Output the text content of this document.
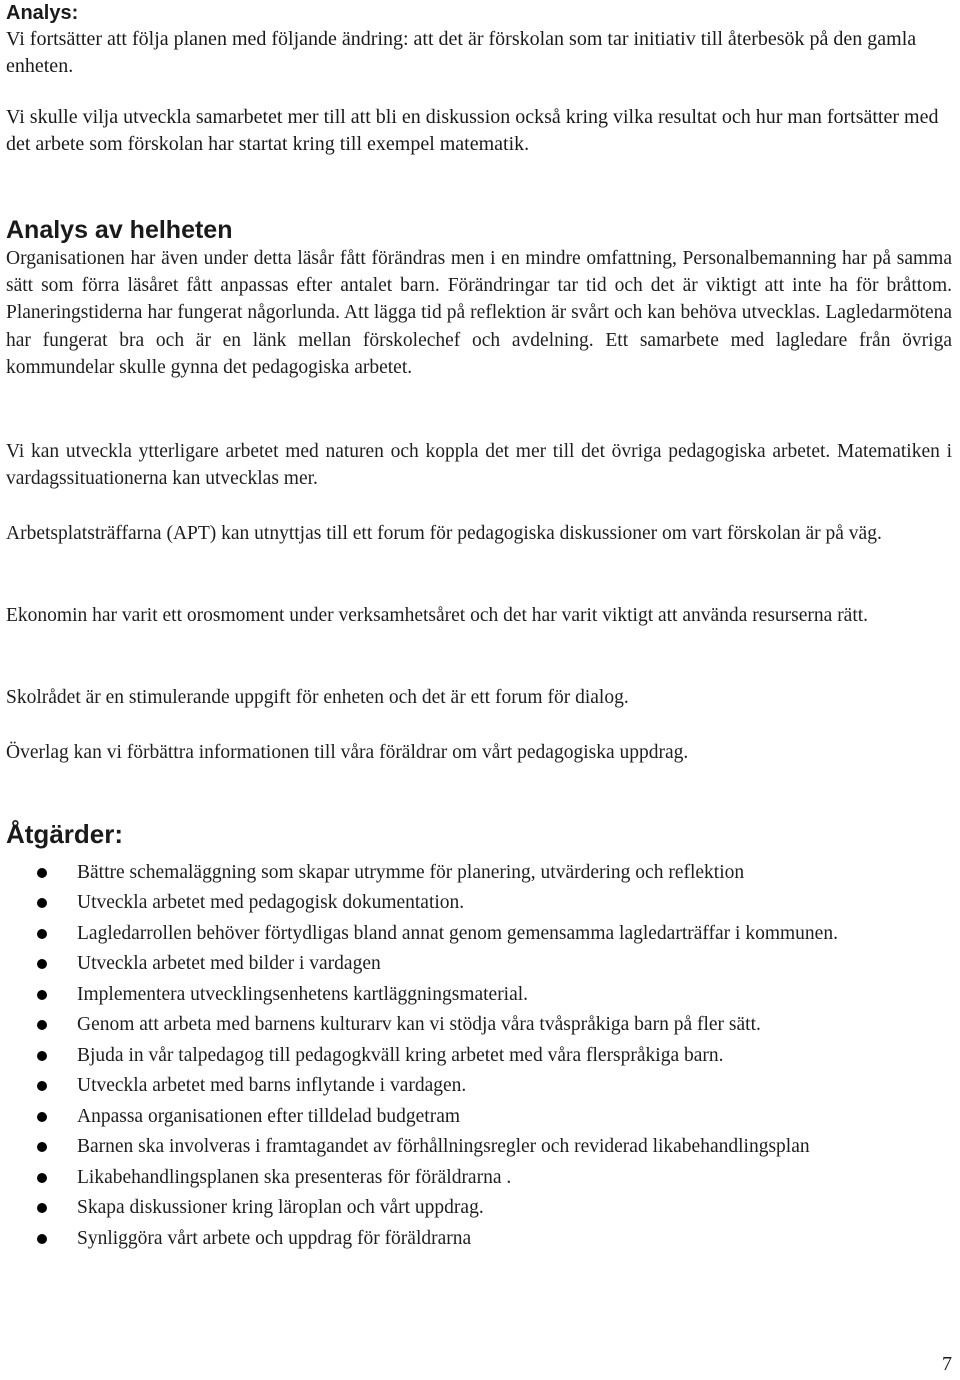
Analys:

Vi fortsätter att följa planen med följande ändring: att det är förskolan som tar initiativ till återbesök på den gamla enheten.

Vi skulle vilja utveckla samarbetet mer till att bli en diskussion också kring vilka resultat och hur man fortsätter med det arbete som förskolan har startat kring till exempel matematik.

Analys av helheten

Organisationen har även under detta läsår fått förändras men i en mindre omfattning, Personalbemanning har på samma sätt som förra läsåret fått anpassas efter antalet barn. Förändringar tar tid och det är viktigt att inte ha för bråttom. Planeringstiderna har fungerat någorlunda. Att lägga tid på reflektion är svårt och kan behöva utvecklas. Lagledarmötena har fungerat bra och är en länk mellan förskolechef och avdelning. Ett samarbete med lagledare från övriga kommundelar skulle gynna det pedagogiska arbetet.

Vi kan utveckla ytterligare arbetet med naturen och koppla det mer till det övriga pedagogiska arbetet. Matematiken i vardagssituationerna kan utvecklas mer.

Arbetsplatsträffarna (APT) kan utnyttjas till ett forum för pedagogiska diskussioner om vart förskolan är på väg.

Ekonomin har varit ett orosmoment under verksamhetsåret och det har varit viktigt att använda resurserna rätt.

Skolrådet är en stimulerande uppgift för enheten och det är ett forum för dialog.

Överlag kan vi förbättra informationen till våra föräldrar om vårt pedagogiska uppdrag.

Åtgärder:
Bättre schemaläggning som skapar utrymme för planering, utvärdering och reflektion
Utveckla arbetet med pedagogisk dokumentation.
Lagledarrollen behöver förtydligas bland annat genom gemensamma lagledarträffar i kommunen.
Utveckla arbetet med bilder i vardagen
Implementera utvecklingsenhetens kartläggningsmaterial.
Genom att arbeta med barnens kulturarv kan vi stödja våra tvåspråkiga barn på fler sätt.
Bjuda in vår talpedagog till pedagogkväll kring arbetet med våra flerspråkiga barn.
Utveckla arbetet med barns inflytande i vardagen.
Anpassa organisationen efter tilldelad budgetram
Barnen ska involveras i framtagandet av förhållningsregler och reviderad likabehandlingsplan
Likabehandlingsplanen ska presenteras för föräldrarna .
Skapa diskussioner kring läroplan och vårt uppdrag.
Synliggöra vårt arbete och uppdrag för föräldrarna
7
